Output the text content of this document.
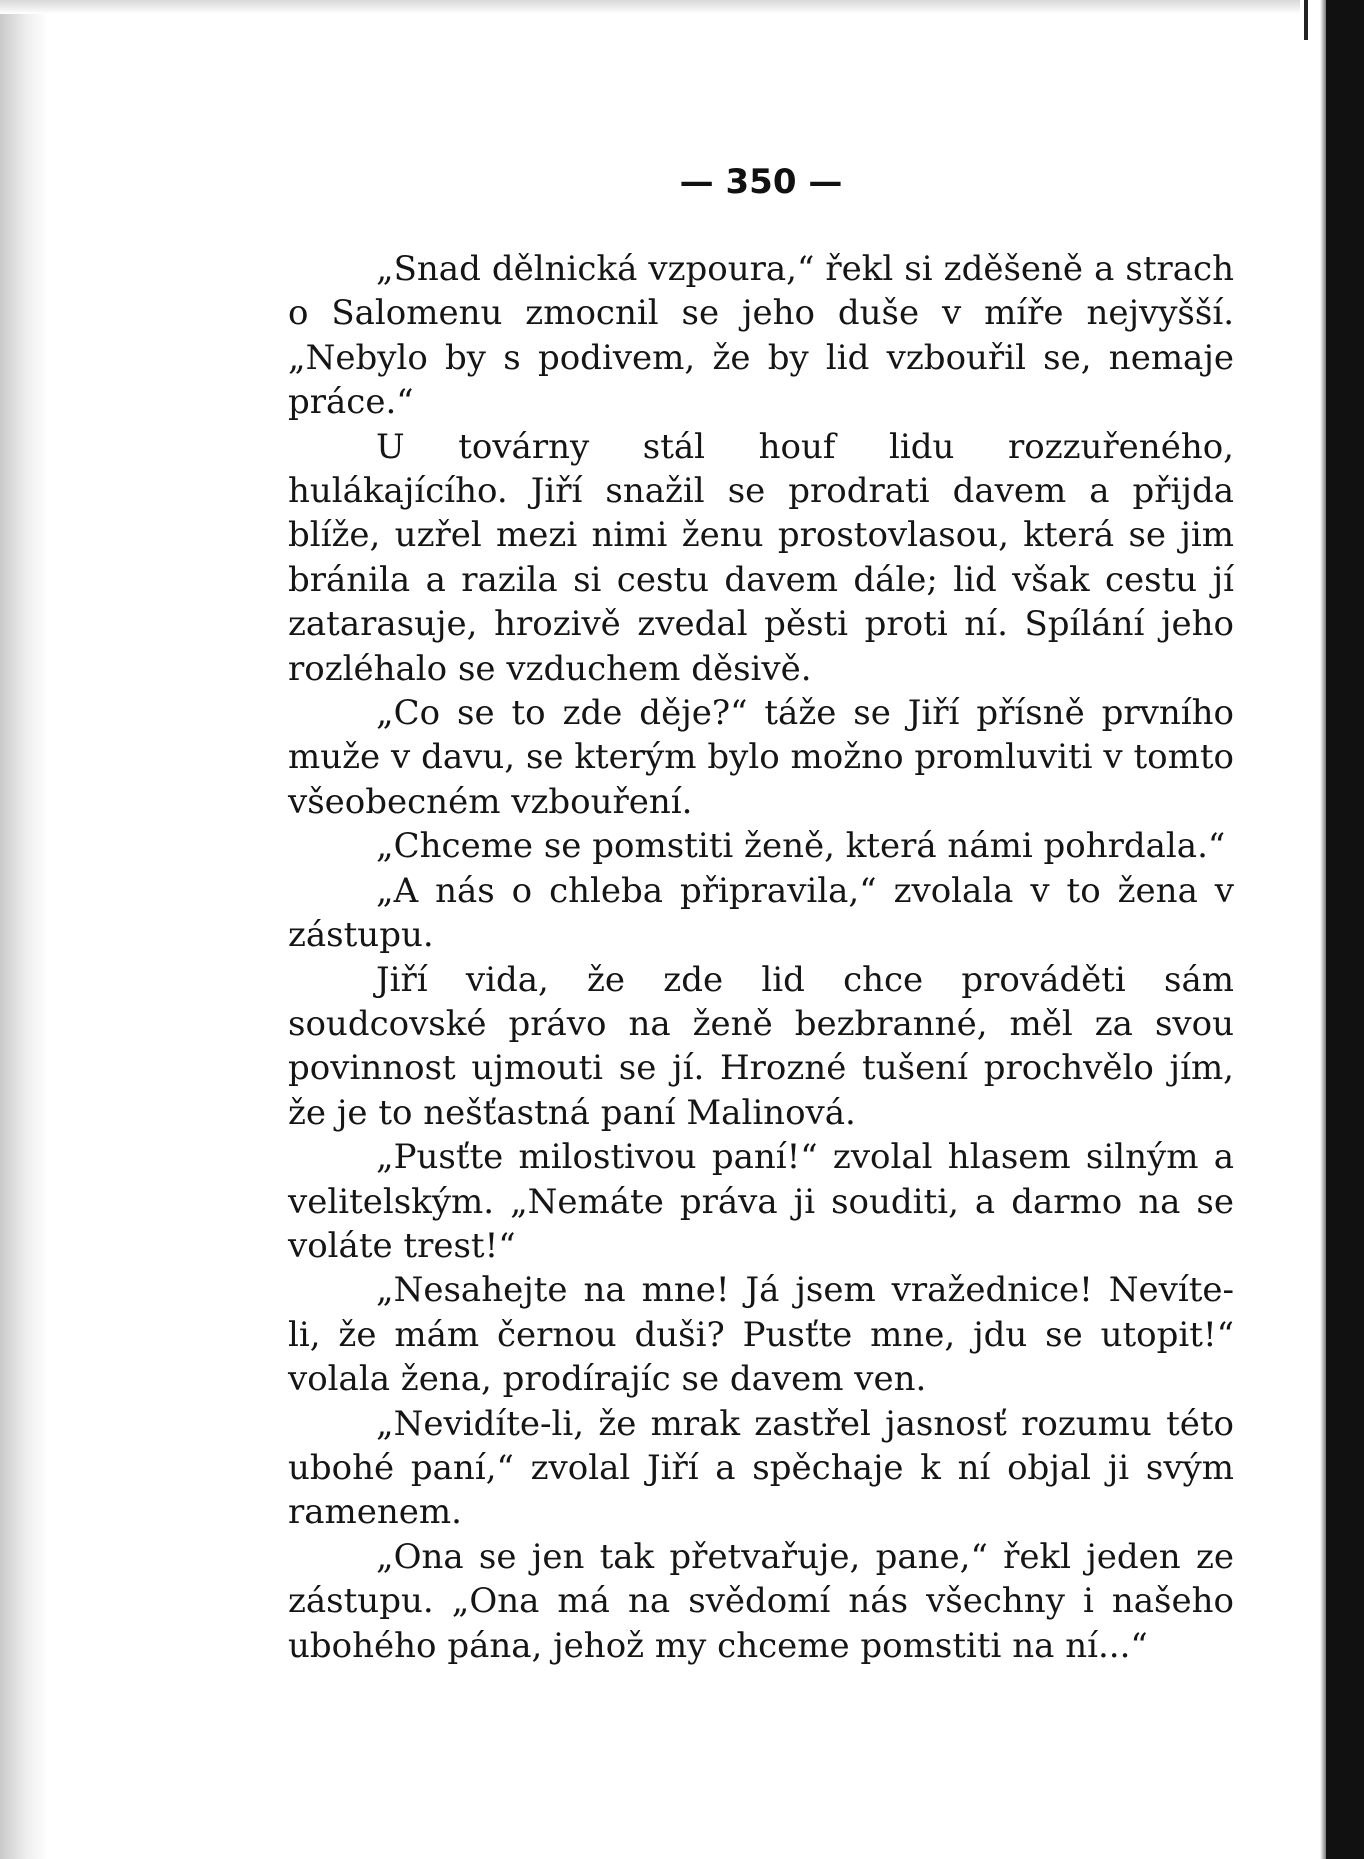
— 350 —

„Snad dělnická vzpoura,“ řekl si zděšeně a strach o Salomenu zmocnil se jeho duše v míře nejvyšší. „Nebylo by s podivem, že by lid vzbouřil se, nemaje práce.“

U továrny stál houf lidu rozzuřeného, hulákajícího. Jiří snažil se prodrati davem a přijda blíže, uzřel mezi nimi ženu prostovlasou, která se jim bránila a razila si cestu davem dále; lid však cestu jí zatarasuje, hrozivě zvedal pěsti proti ní. Spílání jeho rozléhalo se vzduchem děsivě.

„Co se to zde děje?“ táže se Jiří přísně prvního muže v davu, se kterým bylo možno promluviti v tomto všeobecném vzbouření.

„Chceme se pomstiti ženě, která námi pohrdala.“

„A nás o chleba připravila,“ zvolala v to žena v zástupu.

Jiří vida, že zde lid chce prováděti sám soudcovské právo na ženě bezbranné, měl za svou povinnost ujmouti se jí. Hrozné tušení prochvělo jím, že je to nešťastná paní Malinová.

„Pusťte milostivou paní!“ zvolal hlasem silným a velitelským. „Nemáte práva ji souditi, a darmo na se voláte trest!“

„Nesahejte na mne! Já jsem vražednice! Nevíte-li, že mám černou duši? Pusťte mne, jdu se utopit!“ volala žena, prodírajíc se davem ven.

„Nevidíte-li, že mrak zastřel jasnosť rozumu této ubohé paní,“ zvolal Jiří a spěchaje k ní objal ji svým ramenem.

„Ona se jen tak přetvařuje, pane,“ řekl jeden ze zástupu. „Ona má na svědomí nás všechny i našeho ubohého pána, jehož my chceme pomstiti na ní...“
